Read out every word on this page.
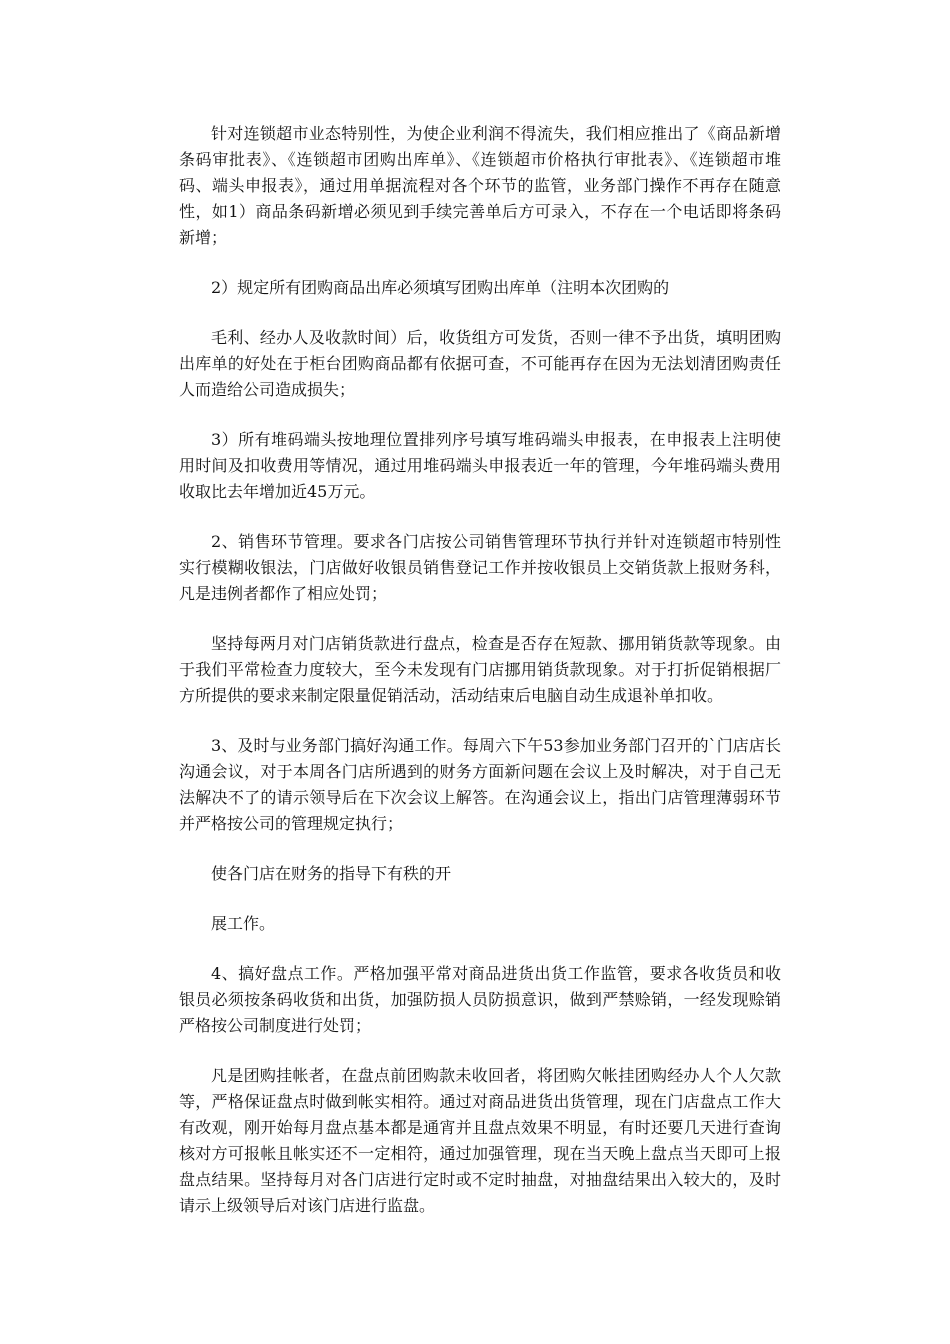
针对连锁超市业态特别性，为使企业利润不得流失，我们相应推出了《商品新增条码审批表》、《连锁超市团购出库单》、《连锁超市价格执行审批表》、《连锁超市堆码、端头申报表》，通过用单据流程对各个环节的监管，业务部门操作不再存在随意性，如1）商品条码新增必须见到手续完善单后方可录入，不存在一个电话即将条码新增；

2）规定所有团购商品出库必须填写团购出库单（注明本次团购的

毛利、经办人及收款时间）后，收货组方可发货，否则一律不予出货，填明团购出库单的好处在于柜台团购商品都有依据可查，不可能再存在因为无法划清团购责任人而造给公司造成损失；

3）所有堆码端头按地理位置排列序号填写堆码端头申报表，在申报表上注明使用时间及扣收费用等情况，通过用堆码端头申报表近一年的管理，今年堆码端头费用收取比去年增加近45万元。

2、销售环节管理。要求各门店按公司销售管理环节执行并针对连锁超市特别性实行模糊收银法，门店做好收银员销售登记工作并按收银员上交销货款上报财务科，凡是违例者都作了相应处罚；

坚持每两月对门店销货款进行盘点，检查是否存在短款、挪用销货款等现象。由于我们平常检查力度较大，至今未发现有门店挪用销货款现象。对于打折促销根据厂方所提供的要求来制定限量促销活动，活动结束后电脑自动生成退补单扣收。

3、及时与业务部门搞好沟通工作。每周六下午53参加业务部门召开的`门店店长沟通会议，对于本周各门店所遇到的财务方面新问题在会议上及时解决，对于自己无法解决不了的请示领导后在下次会议上解答。在沟通会议上，指出门店管理薄弱环节并严格按公司的管理规定执行；

使各门店在财务的指导下有秩的开

展工作。

4、搞好盘点工作。严格加强平常对商品进货出货工作监管，要求各收货员和收银员必须按条码收货和出货，加强防损人员防损意识，做到严禁赊销，一经发现赊销严格按公司制度进行处罚；

凡是团购挂帐者，在盘点前团购款未收回者，将团购欠帐挂团购经办人个人欠款等，严格保证盘点时做到帐实相符。通过对商品进货出货管理，现在门店盘点工作大有改观，刚开始每月盘点基本都是通宵并且盘点效果不明显，有时还要几天进行查询核对方可报帐且帐实还不一定相符，通过加强管理，现在当天晚上盘点当天即可上报盘点结果。坚持每月对各门店进行定时或不定时抽盘，对抽盘结果出入较大的，及时请示上级领导后对该门店进行监盘。
